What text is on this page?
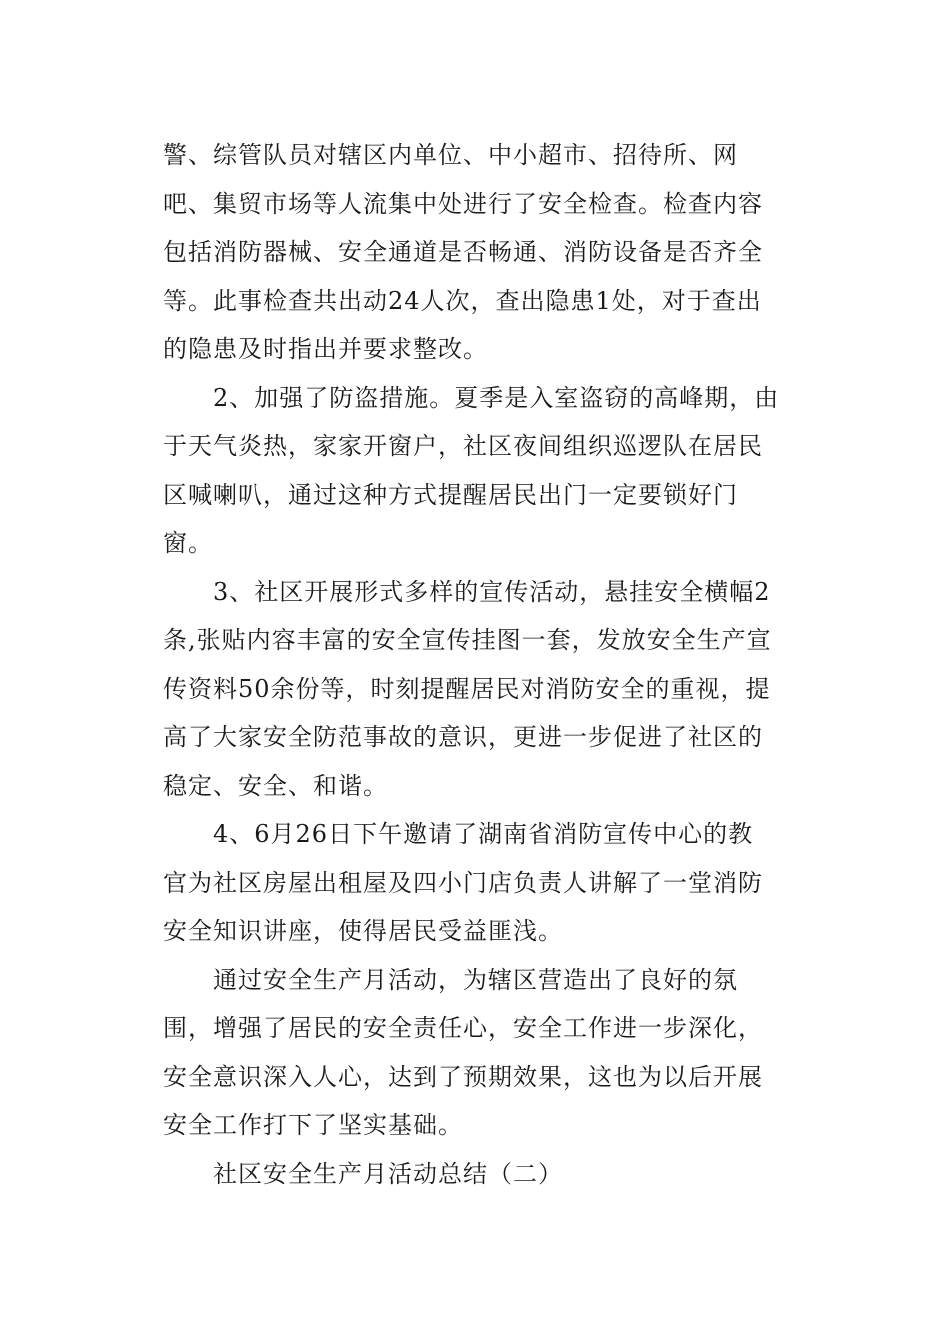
警、综管队员对辖区内单位、中小超市、招待所、网
吧、集贸市场等人流集中处进行了安全检查。检查内容
包括消防器械、安全通道是否畅通、消防设备是否齐全
等。此事检查共出动24人次，查出隐患1处，对于查出
的隐患及时指出并要求整改。
2、加强了防盗措施。夏季是入室盗窃的高峰期，由
于天气炎热，家家开窗户，社区夜间组织巡逻队在居民
区喊喇叭，通过这种方式提醒居民出门一定要锁好门
窗。
3、社区开展形式多样的宣传活动，悬挂安全横幅2
条,张贴内容丰富的安全宣传挂图一套，发放安全生产宣
传资料50余份等，时刻提醒居民对消防安全的重视，提
高了大家安全防范事故的意识，更进一步促进了社区的
稳定、安全、和谐。
4、6月26日下午邀请了湖南省消防宣传中心的教
官为社区房屋出租屋及四小门店负责人讲解了一堂消防
安全知识讲座，使得居民受益匪浅。
通过安全生产月活动，为辖区营造出了良好的氛
围，增强了居民的安全责任心，安全工作进一步深化，
安全意识深入人心，达到了预期效果，这也为以后开展
安全工作打下了坚实基础。
社区安全生产月活动总结（二）
